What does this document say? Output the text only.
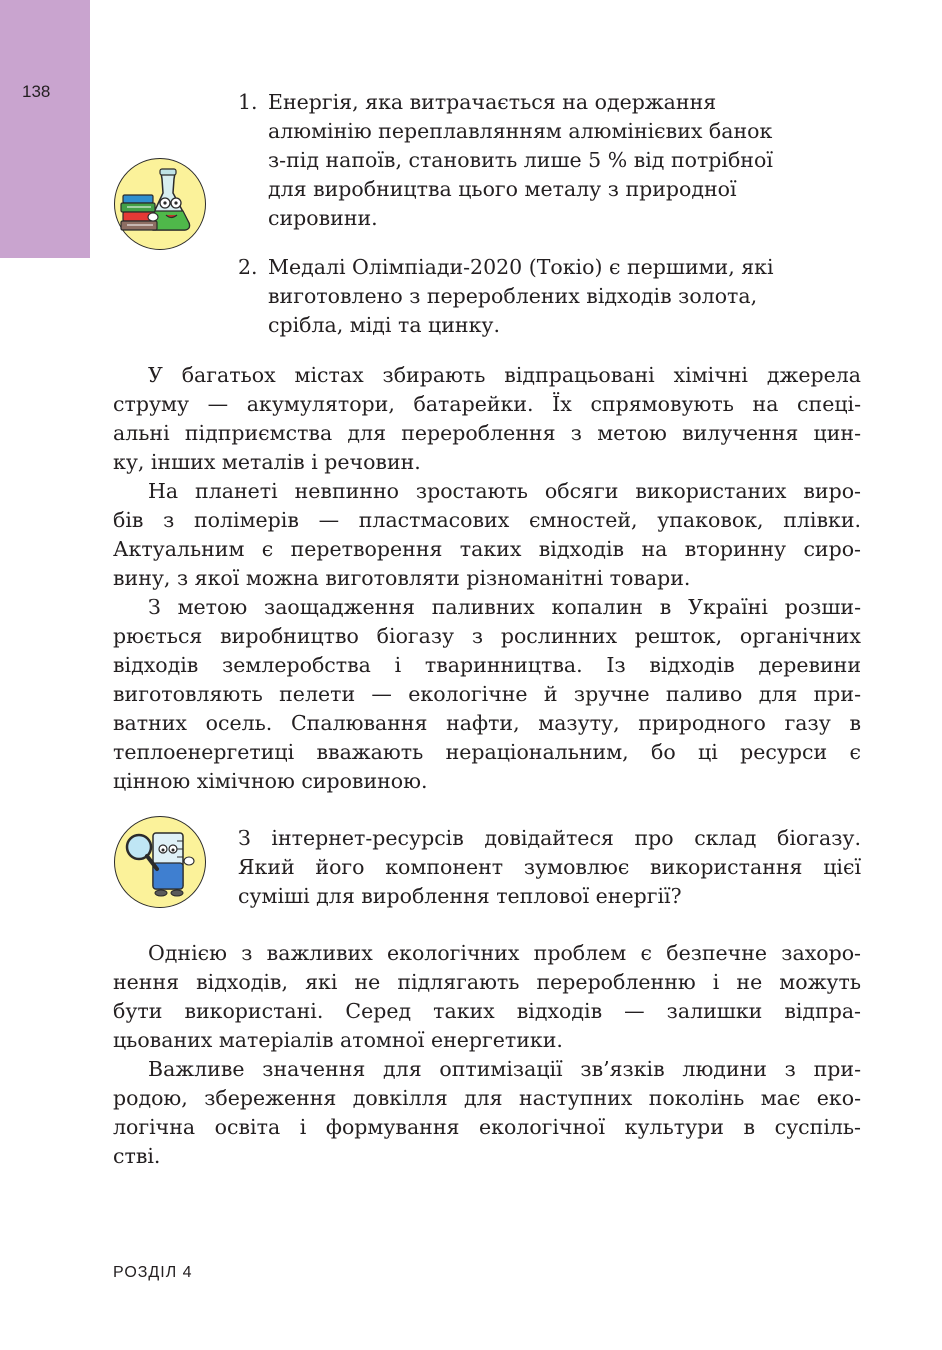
138	1. Енергія, яка витрачається на одержання
алюмінію переплавлянням алюмінієвих банок
з-під напоїв, становить лише 5 % від потрібної
для виробництва цього металу з природної
сировини.
2. Медалі Олімпіади-2020 (Токіо) є першими, які
виготовлено з перероблених відходів золота,
срібла, міді та цинку.
У багатьох містах збирають відпрацьовані хімічні джерела
струму — акумулятори, батарейки. Їх спрямовують на спеці-
альні підприємства для перероблення з метою вилучення цин-
ку, інших металів і речовин.
На планеті невпинно зростають обсяги використаних виро-
бів з полімерів — пластмасових ємностей, упаковок, плівки.
Актуальним є перетворення таких відходів на вторинну сиро-
вину, з якої можна виготовляти різноманітні товари.
З метою заощадження паливних копалин в Україні розши-
рюється виробництво біогазу з рослинних решток, органічних
відходів землеробства і тваринництва. Із відходів деревини
виготовляють пелети — екологічне й зручне паливо для при-
ватних осель. Спалювання нафти, мазуту, природного газу в
теплоенергетиці вважають нераціональним, бо ці ресурси є
цінною хімічною сировиною.
З інтернет-ресурсів довідайтеся про склад біогазу.
Який його компонент зумовлює використання цієї
суміші для вироблення теплової енергії?
Однією з важливих екологічних проблем є безпечне захоро-
нення відходів, які не підлягають переробленню і не можуть
бути використані. Серед таких відходів — залишки відпра-
цьованих матеріалів атомної енергетики.
Важливе значення для оптимізації зв’язків людини з при-
родою, збереження довкілля для наступних поколінь має еко-
логічна освіта і формування екологічної культури в суспіль-
стві.
РОЗДІЛ 4
